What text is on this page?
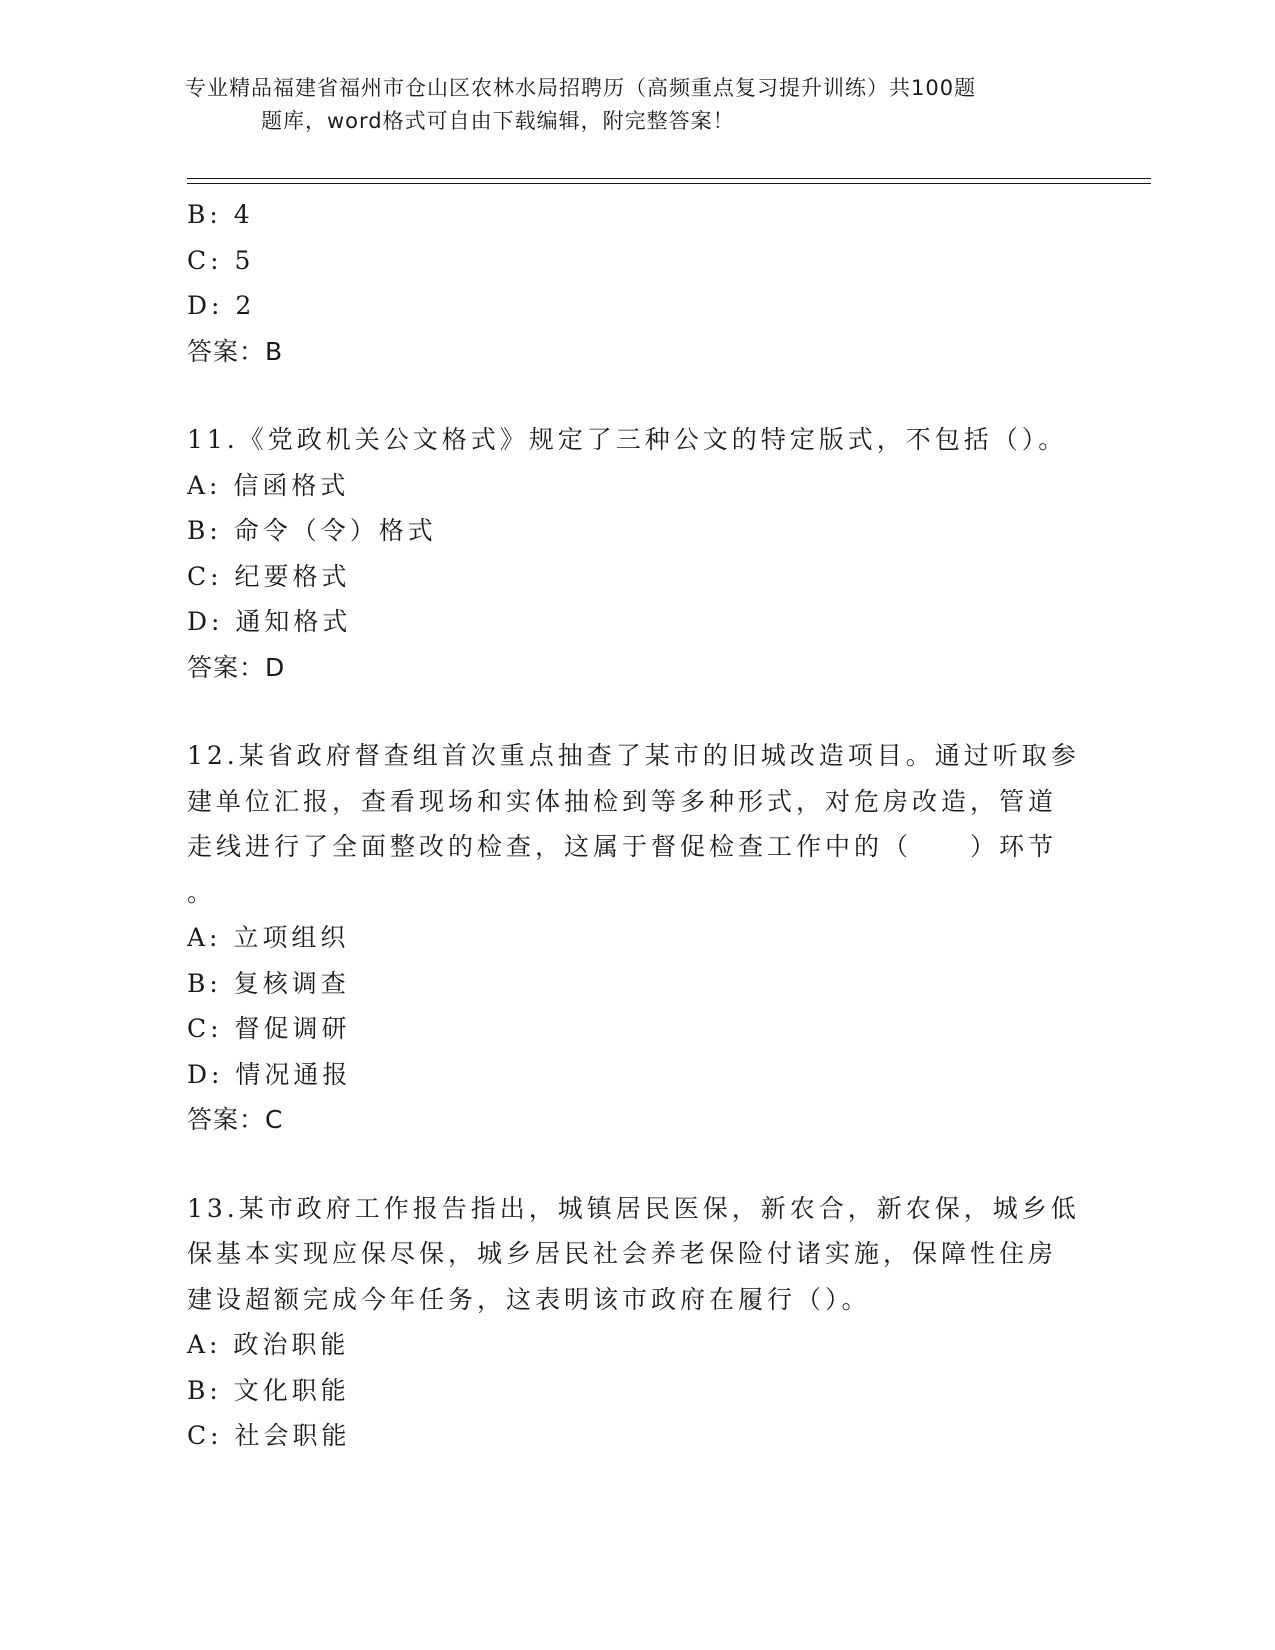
专业精品福建省福州市仓山区农林水局招聘历（高频重点复习提升训练）共100题
题库，word格式可自由下载编辑，附完整答案！
B: 4
C: 5
D: 2
答案：B
11.《党政机关公文格式》规定了三种公文的特定版式，不包括（）。
A: 信函格式
B: 命令（令）格式
C: 纪要格式
D: 通知格式
答案：D
12.某省政府督查组首次重点抽查了某市的旧城改造项目。通过听取参
建单位汇报，查看现场和实体抽检到等多种形式，对危房改造，管道
走线进行了全面整改的检查，这属于督促检查工作中的（　　）环节
。
A: 立项组织
B: 复核调查
C: 督促调研
D: 情况通报
答案：C
13.某市政府工作报告指出，城镇居民医保，新农合，新农保，城乡低
保基本实现应保尽保，城乡居民社会养老保险付诸实施，保障性住房
建设超额完成今年任务，这表明该市政府在履行（）。
A: 政治职能
B: 文化职能
C: 社会职能
